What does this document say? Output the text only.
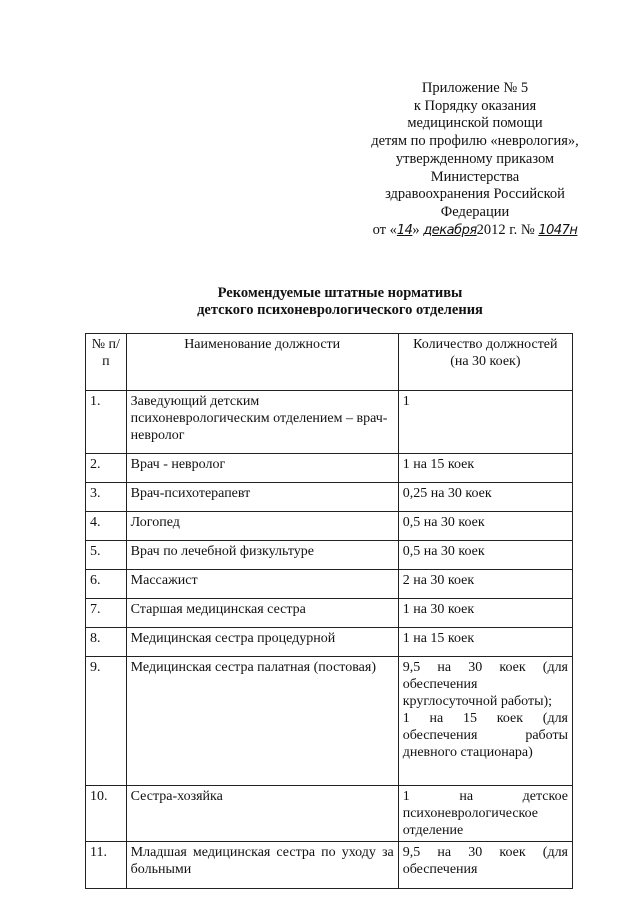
Приложение № 5
к Порядку оказания
медицинской помощи
детям по профилю «неврология»,
утвержденному приказом
Министерства
здравоохранения Российской
Федерации
от «14» декабря2012 г. № 1047н
Рекомендуемые штатные нормативы
детского психоневрологического отделения
№ п/п	Наименование должности	Количество должностей (на 30 коек)
1.	Заведующий детским психоневрологическим отделением – врач-невролог	1

2.	Врач - невролог	1 на 15 коек

3.	Врач-психотерапевт	0,25 на 30 коек

4.	Логопед	0,5 на 30 коек

5.	Врач по лечебной физкультуре	0,5 на 30 коек

6.	Массажист	2 на 30 коек

7.	Старшая медицинская сестра	1 на 30 коек

8.	Медицинская сестра процедурной	1 на 15 коек

9.	Медицинская сестра палатная (постовая)	9,5 на 30 коек (для обеспечения круглосуточной работы);
1 на 15 коек (для обеспечения работы дневного стационара)

10.	Сестра-хозяйка	1 на детское психоневрологическое отделение

11.	Младшая медицинская сестра по уходу за больными	9,5 на 30 коек (для обеспечения
